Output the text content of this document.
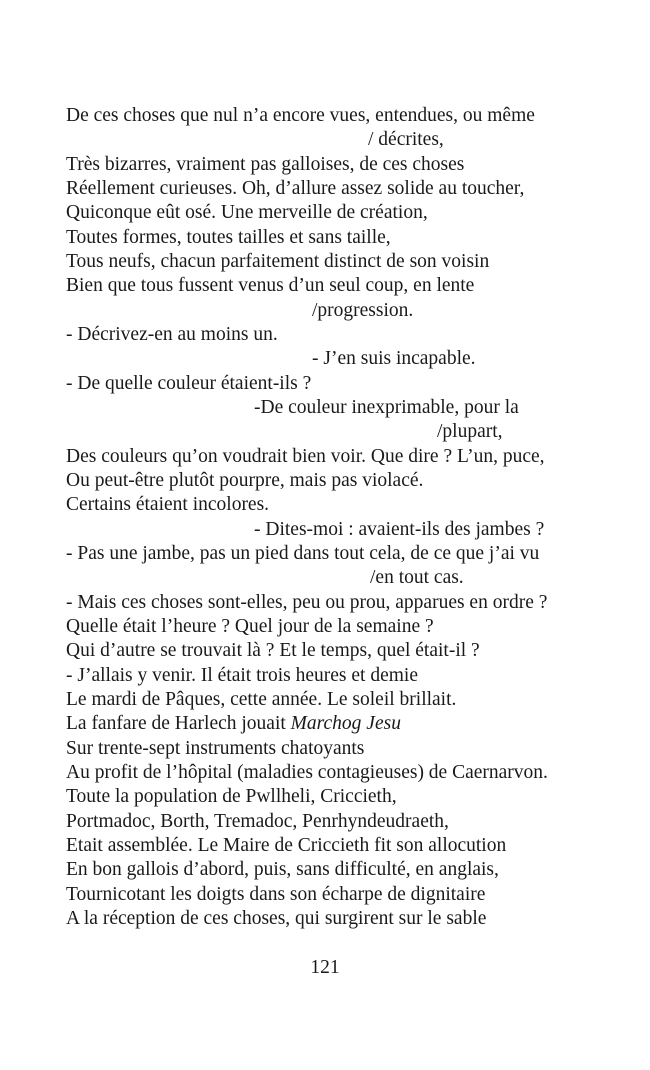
De ces choses que nul n’a encore vues, entendues, ou même
/ décrites,
Très bizarres, vraiment pas galloises, de ces choses
Réellement curieuses. Oh, d’allure assez solide au toucher,
Quiconque eût osé. Une merveille de création,
Toutes formes, toutes tailles et sans taille,
Tous neufs, chacun parfaitement distinct de son voisin
Bien que tous fussent venus d’un seul coup, en lente
/progression.
- Décrivez-en au moins un.
- J’en suis incapable.
- De quelle couleur étaient-ils ?
-De couleur inexprimable, pour la
/plupart,
Des couleurs qu’on voudrait bien voir. Que dire ? L’un, puce,
Ou peut-être plutôt pourpre, mais pas violacé.
Certains étaient incolores.
- Dites-moi : avaient-ils des jambes ?
- Pas une jambe, pas un pied dans tout cela, de ce que j’ai vu
/en tout cas.
- Mais ces choses sont-elles, peu ou prou, apparues en ordre ?
Quelle était l’heure ? Quel jour de la semaine ?
Qui d’autre se trouvait là ? Et le temps, quel était-il ?
- J’allais y venir. Il était trois heures et demie
Le mardi de Pâques, cette année. Le soleil brillait.
La fanfare de Harlech jouait Marchog Jesu
Sur trente-sept instruments chatoyants
Au profit de l’hôpital (maladies contagieuses) de Caernarvon.
Toute la population de Pwllheli, Criccieth,
Portmadoc, Borth, Tremadoc, Penrhyndeudraeth,
Etait assemblée. Le Maire de Criccieth fit son allocution
En bon gallois d’abord, puis, sans difficulté, en anglais,
Tournicotant les doigts dans son écharpe de dignitaire
A la réception de ces choses, qui surgirent sur le sable
121
